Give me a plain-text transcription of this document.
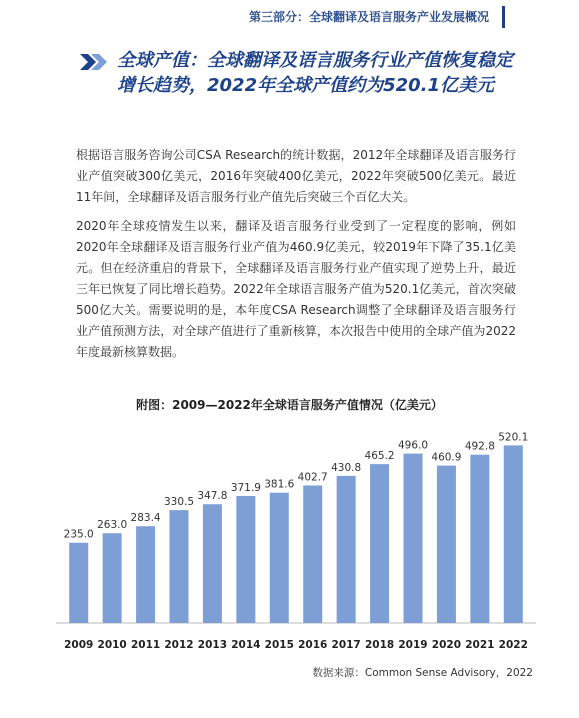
第三部分：全球翻译及语言服务产业发展概况
全球产值：全球翻译及语言服务行业产值恢复稳定增长趋势，2022年全球产值约为520.1亿美元
根据语言服务咨询公司CSA Research的统计数据，2012年全球翻译及语言服务行业产值突破300亿美元，2016年突破400亿美元，2022年突破500亿美元。最近11年间，全球翻译及语言服务行业产值先后突破三个百亿大关。
2020年全球疫情发生以来，翻译及语言服务行业受到了一定程度的影响，例如2020年全球翻译及语言服务行业产值为460.9亿美元，较2019年下降了35.1亿美元。但在经济重启的背景下，全球翻译及语言服务行业产值实现了逆势上升，最近三年已恢复了同比增长趋势。2022年全球语言服务产值为520.1亿美元，首次突破500亿大关。需要说明的是，本年度CSA Research调整了全球翻译及语言服务行业产值预测方法，对全球产值进行了重新核算，本次报告中使用的全球产值为2022年度最新核算数据。
附图：2009—2022年全球语言服务产值情况（亿美元）
235.0
2009
263.0
2010
283.4
2011
330.5
2012
347.8
2013
371.9
2014
381.6
2015
402.7
2016
430.8
2017
465.2
2018
496.0
2019
460.9
2020
492.8
2021
520.1
2022
数据来源：Common Sense Advisory，2022
